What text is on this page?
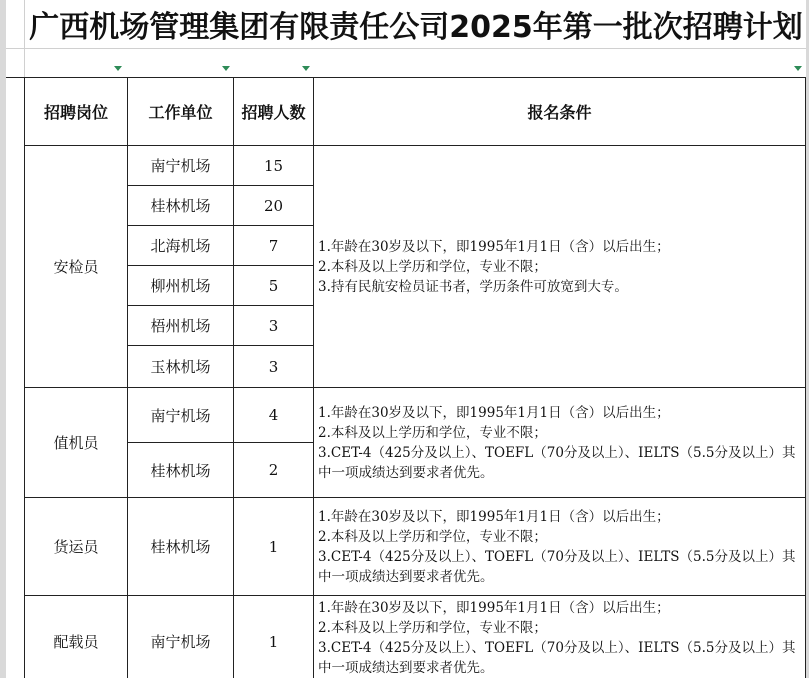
广西机场管理集团有限责任公司2025年第一批次招聘计划
招聘岗位	工作单位	招聘人数	报名条件
安检员
南宁机场	15
桂林机场	20
北海机场	7
柳州机场	5
梧州机场	3
玉林机场	3
1.年龄在30岁及以下，即1995年1月1日（含）以后出生；
2.本科及以上学历和学位，专业不限；
3.持有民航安检员证书者，学历条件可放宽到大专。
值机员
南宁机场	4
桂林机场	2
1.年龄在30岁及以下，即1995年1月1日（含）以后出生；
2.本科及以上学历和学位，专业不限；
3.CET-4（425分及以上）、TOEFL（70分及以上）、IELTS（5.5分及以上）其中一项成绩达到要求者优先。
货运员	桂林机场	1
1.年龄在30岁及以下，即1995年1月1日（含）以后出生；
2.本科及以上学历和学位，专业不限；
3.CET-4（425分及以上）、TOEFL（70分及以上）、IELTS（5.5分及以上）其中一项成绩达到要求者优先。
配载员	南宁机场	1
1.年龄在30岁及以下，即1995年1月1日（含）以后出生；
2.本科及以上学历和学位，专业不限；
3.CET-4（425分及以上）、TOEFL（70分及以上）、IELTS（5.5分及以上）其中一项成绩达到要求者优先。
